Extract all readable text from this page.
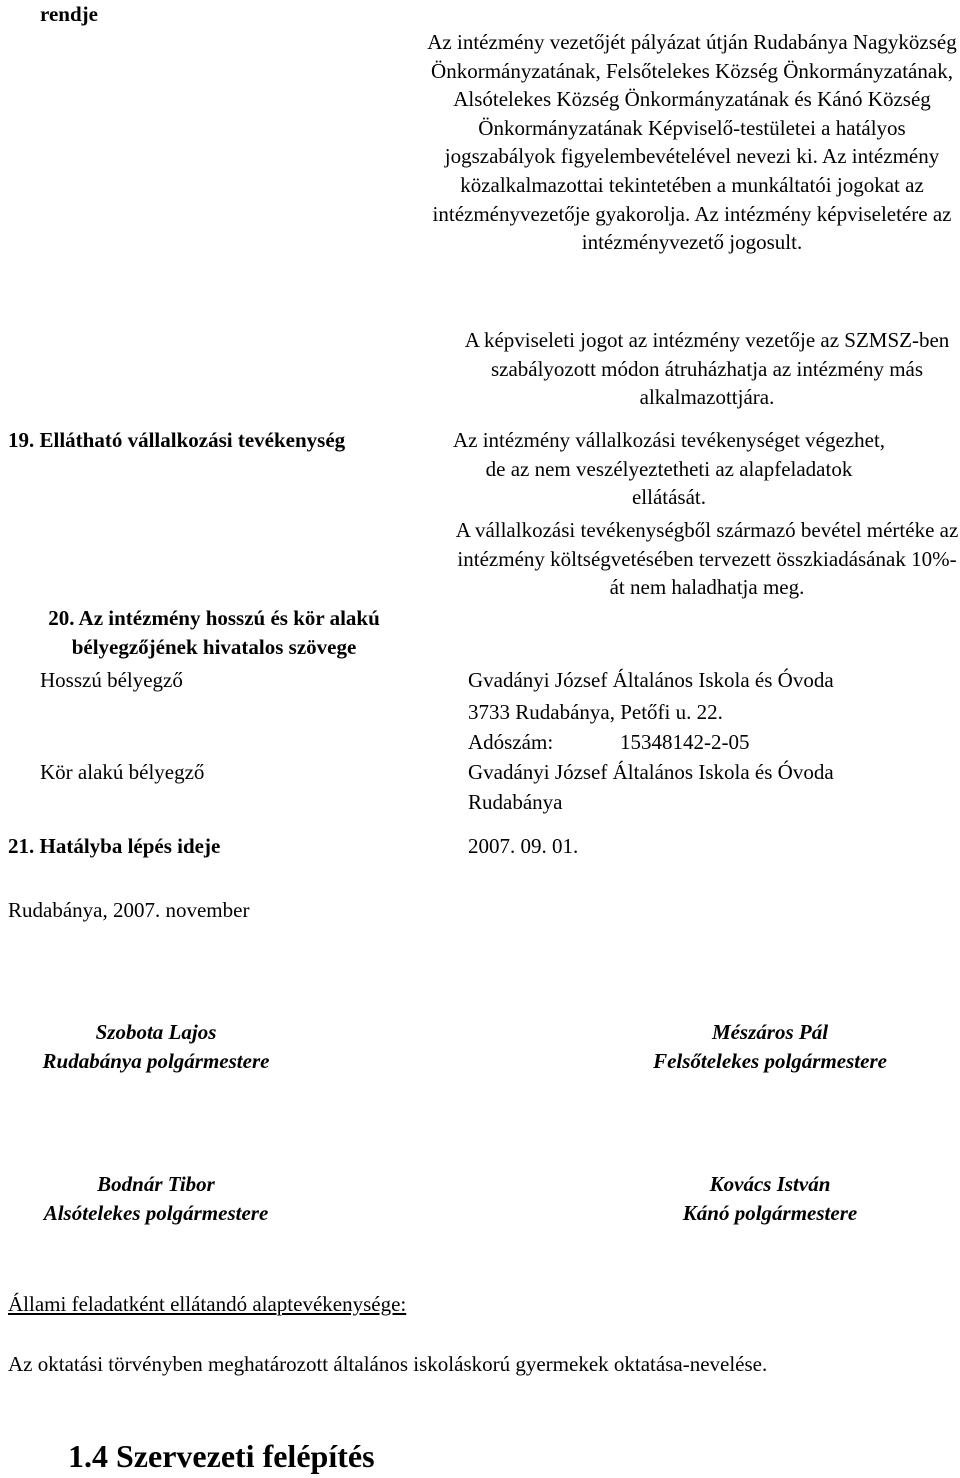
rendje

Az intézmény vezetőjét pályázat útján Rudabánya Nagyközség Önkormányzatának, Felsőtelekes Község Önkormányzatának, Alsótelekes Község Önkormányzatának és Kánó Község Önkormányzatának Képviselő-testületei a hatályos jogszabályok figyelembevételével nevezi ki. Az intézmény közalkalmazottai tekintetében a munkáltatói jogokat az intézményvezetője gyakorolja. Az intézmény képviseletére az intézményvezető jogosult.

A képviseleti jogot az intézmény vezetője az SZMSZ-ben szabályozott módon átruházhatja az intézmény más alkalmazottjára.

19. Ellátható vállalkozási tevékenység	Az intézmény vállalkozási tevékenységet végezhet, de az nem veszélyeztetheti az alapfeladatok ellátását.

A vállalkozási tevékenységből származó bevétel mértéke az intézmény költségvetésében tervezett összkiadásának 10%-át nem haladhatja meg.

20. Az intézmény hosszú és kör alakú bélyegzőjének hivatalos szövege

Hosszú bélyegző	Gvadányi József Általános Iskola és Óvoda
3733 Rudabánya, Petőfi u. 22.
Adószám:	15348142-2-05
Kör alakú bélyegző	Gvadányi József Általános Iskola és Óvoda
Rudabánya
21. Hatályba lépés ideje	2007. 09. 01.
Rudabánya, 2007. november
Szobota Lajos
Rudabánya polgármestere
Mészáros Pál
Felsőtelekes polgármestere
Bodnár Tibor
Alsótelekes polgármestere
Kovács István
Kánó polgármestere
Állami feladatként ellátandó alaptevékenysége:
Az oktatási törvényben meghatározott általános iskoláskorú gyermekek oktatása-nevelése.
1.4 Szervezeti felépítés
